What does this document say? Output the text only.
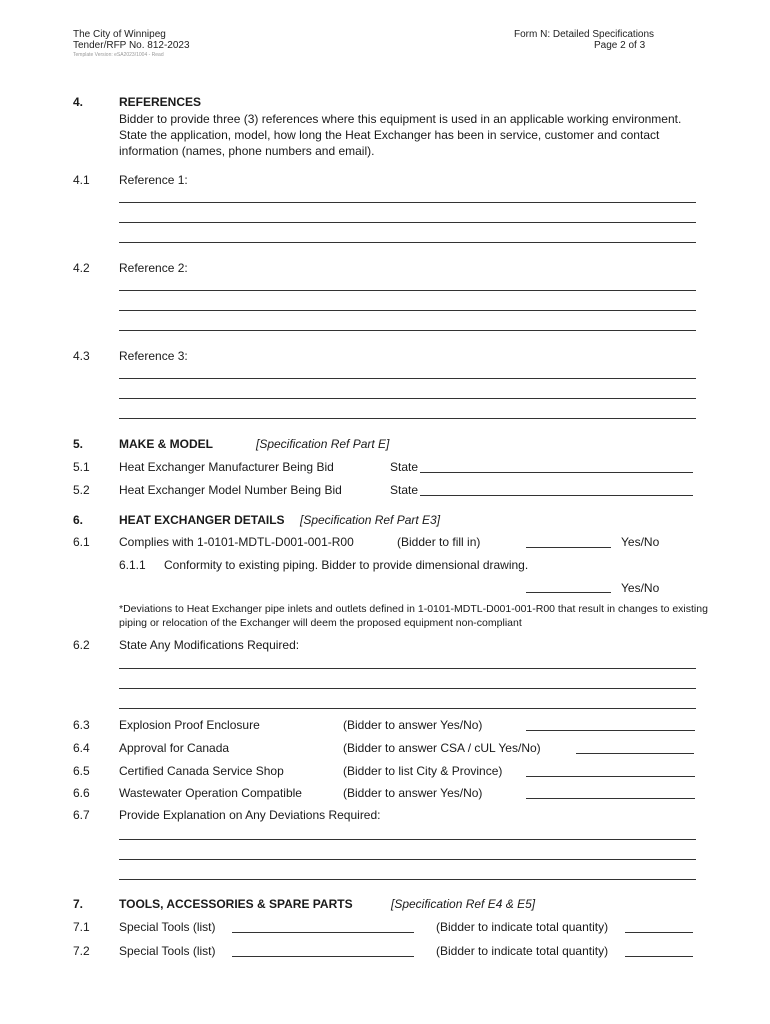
The City of Winnipeg
Tender/RFP No. 812-2023
Template Version: eSA2023/1004 - Read
Form N: Detailed Specifications
Page 2 of 3
4.	REFERENCES
Bidder to provide three (3) references where this equipment is used in an applicable working environment. State the application, model, how long the Heat Exchanger has been in service, customer and contact information (names, phone numbers and email).
4.1 Reference 1:
4.2 Reference 2:
4.3 Reference 3:
5.	MAKE & MODEL	[Specification Ref Part E]
5.1 Heat Exchanger Manufacturer Being Bid	State
5.2 Heat Exchanger Model Number Being Bid	State
6.	HEAT EXCHANGER DETAILS [Specification Ref Part E3]
6.1 Complies with 1-0101-MDTL-D001-001-R00	(Bidder to fill in)	Yes/No
6.1.1 Conformity to existing piping. Bidder to provide dimensional drawing.
Yes/No
*Deviations to Heat Exchanger pipe inlets and outlets defined in 1-0101-MDTL-D001-001-R00 that result in changes to existing piping or relocation of the Exchanger will deem the proposed equipment non-compliant
6.2 State Any Modifications Required:
6.3 Explosion Proof Enclosure	(Bidder to answer Yes/No)
6.4 Approval for Canada	(Bidder to answer CSA / cUL Yes/No)
6.5 Certified Canada Service Shop	(Bidder to list City & Province)
6.6 Wastewater Operation Compatible	(Bidder to answer Yes/No)
6.7 Provide Explanation on Any Deviations Required:
7.	TOOLS, ACCESSORIES & SPARE PARTS	[Specification Ref E4 & E5]
7.1 Special Tools (list)	(Bidder to indicate total quantity)
7.2 Special Tools (list)	(Bidder to indicate total quantity)
